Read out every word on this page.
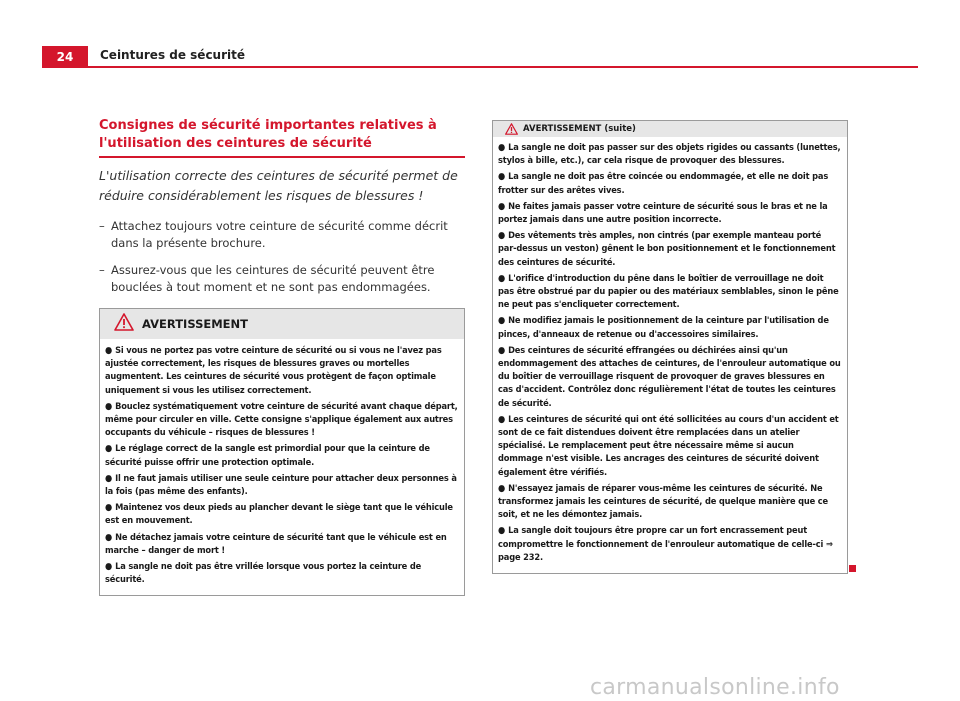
24	Ceintures de sécurité
Consignes de sécurité importantes relatives à l'utilisation des ceintures de sécurité
L'utilisation correcte des ceintures de sécurité permet de réduire considérablement les risques de blessures !
– Attachez toujours votre ceinture de sécurité comme décrit dans la présente brochure.
– Assurez-vous que les ceintures de sécurité peuvent être bouclées à tout moment et ne sont pas endommagées.
AVERTISSEMENT
● Si vous ne portez pas votre ceinture de sécurité ou si vous ne l'avez pas ajustée correctement, les risques de blessures graves ou mortelles augmentent. Les ceintures de sécurité vous protègent de façon optimale uniquement si vous les utilisez correctement.
● Bouclez systématiquement votre ceinture de sécurité avant chaque départ, même pour circuler en ville. Cette consigne s'applique également aux autres occupants du véhicule – risques de blessures !
● Le réglage correct de la sangle est primordial pour que la ceinture de sécurité puisse offrir une protection optimale.
● Il ne faut jamais utiliser une seule ceinture pour attacher deux personnes à la fois (pas même des enfants).
● Maintenez vos deux pieds au plancher devant le siège tant que le véhicule est en mouvement.
● Ne détachez jamais votre ceinture de sécurité tant que le véhicule est en marche – danger de mort !
● La sangle ne doit pas être vrillée lorsque vous portez la ceinture de sécurité.
AVERTISSEMENT (suite)
● La sangle ne doit pas passer sur des objets rigides ou cassants (lunettes, stylos à bille, etc.), car cela risque de provoquer des blessures.
● La sangle ne doit pas être coincée ou endommagée, et elle ne doit pas frotter sur des arêtes vives.
● Ne faites jamais passer votre ceinture de sécurité sous le bras et ne la portez jamais dans une autre position incorrecte.
● Des vêtements très amples, non cintrés (par exemple manteau porté par-dessus un veston) gênent le bon positionnement et le fonctionnement des ceintures de sécurité.
● L'orifice d'introduction du pêne dans le boîtier de verrouillage ne doit pas être obstrué par du papier ou des matériaux semblables, sinon le pêne ne peut pas s'encliqueter correctement.
● Ne modifiez jamais le positionnement de la ceinture par l'utilisation de pinces, d'anneaux de retenue ou d'accessoires similaires.
● Des ceintures de sécurité effrangées ou déchirées ainsi qu'un endommagement des attaches de ceintures, de l'enrouleur automatique ou du boîtier de verrouillage risquent de provoquer de graves blessures en cas d'accident. Contrôlez donc régulièrement l'état de toutes les ceintures de sécurité.
● Les ceintures de sécurité qui ont été sollicitées au cours d'un accident et sont de ce fait distendues doivent être remplacées dans un atelier spécialisé. Le remplacement peut être nécessaire même si aucun dommage n'est visible. Les ancrages des ceintures de sécurité doivent également être vérifiés.
● N'essayez jamais de réparer vous-même les ceintures de sécurité. Ne transformez jamais les ceintures de sécurité, de quelque manière que ce soit, et ne les démontez jamais.
● La sangle doit toujours être propre car un fort encrassement peut compromettre le fonctionnement de l'enrouleur automatique de celle-ci ⇒ page 232.
carmanualsonline.info
